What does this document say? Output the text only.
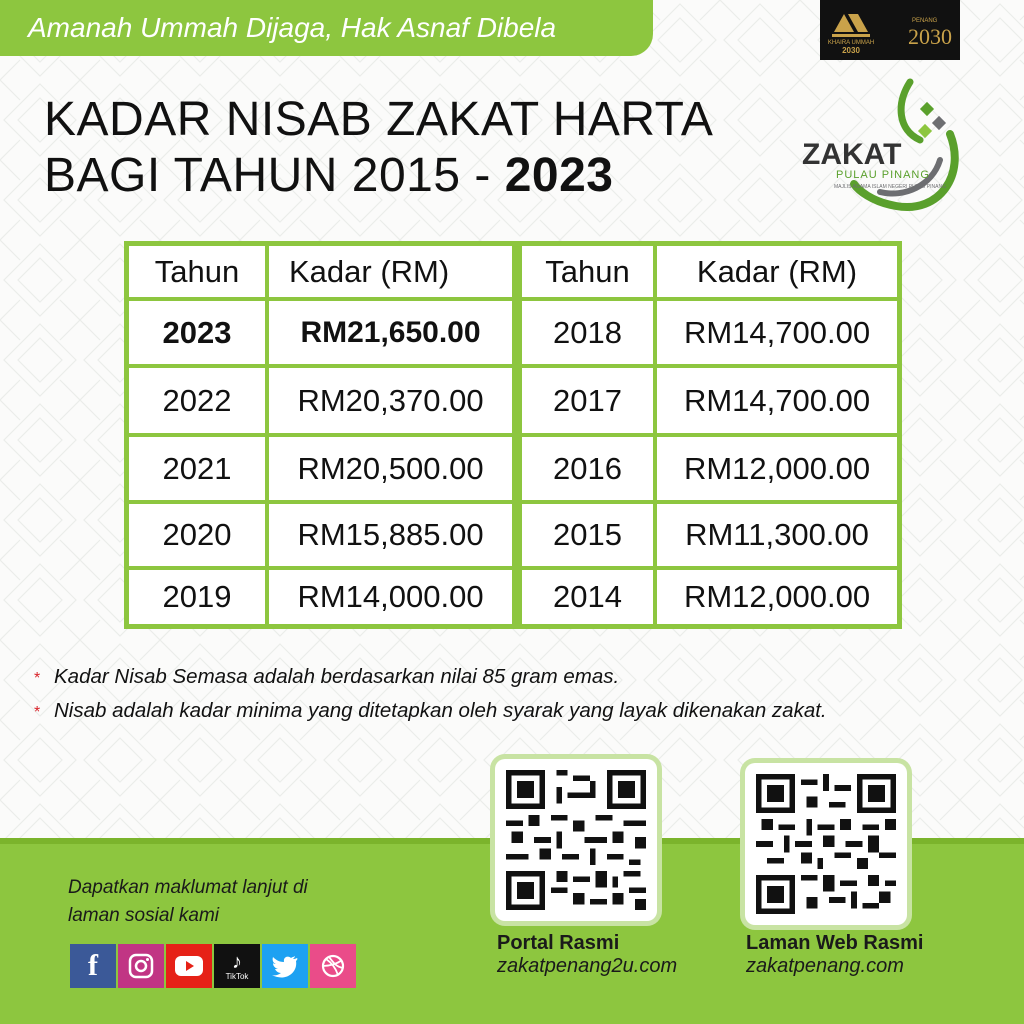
Amanah Ummah Dijaga, Hak Asnaf Dibela	KHAIRA UMMAH
2030
PENANG
2030
KADAR NISAB ZAKAT HARTA
BAGI TAHUN 2015 - 2023	ZAKAT
PULAU PINANG
MAJLIS AGAMA ISLAM NEGERI PULAU PINANG
Tahun	Kadar (RM)	Tahun	Kadar (RM)
2023	RM21,650.00	2018	RM14,700.00
2022	RM20,370.00	2017	RM14,700.00
2021	RM20,500.00	2016	RM12,000.00
2020	RM15,885.00	2015	RM11,300.00
2019	RM14,000.00	2014	RM12,000.00
* Kadar Nisab Semasa adalah berdasarkan nilai 85 gram emas.
* Nisab adalah kadar minima yang ditetapkan oleh syarak yang layak dikenakan zakat.
Dapatkan maklumat lanjut di
laman sosial kami
f	♪
TikTok
Portal Rasmi
zakatpenang2u.com
Laman Web Rasmi
zakatpenang.com
